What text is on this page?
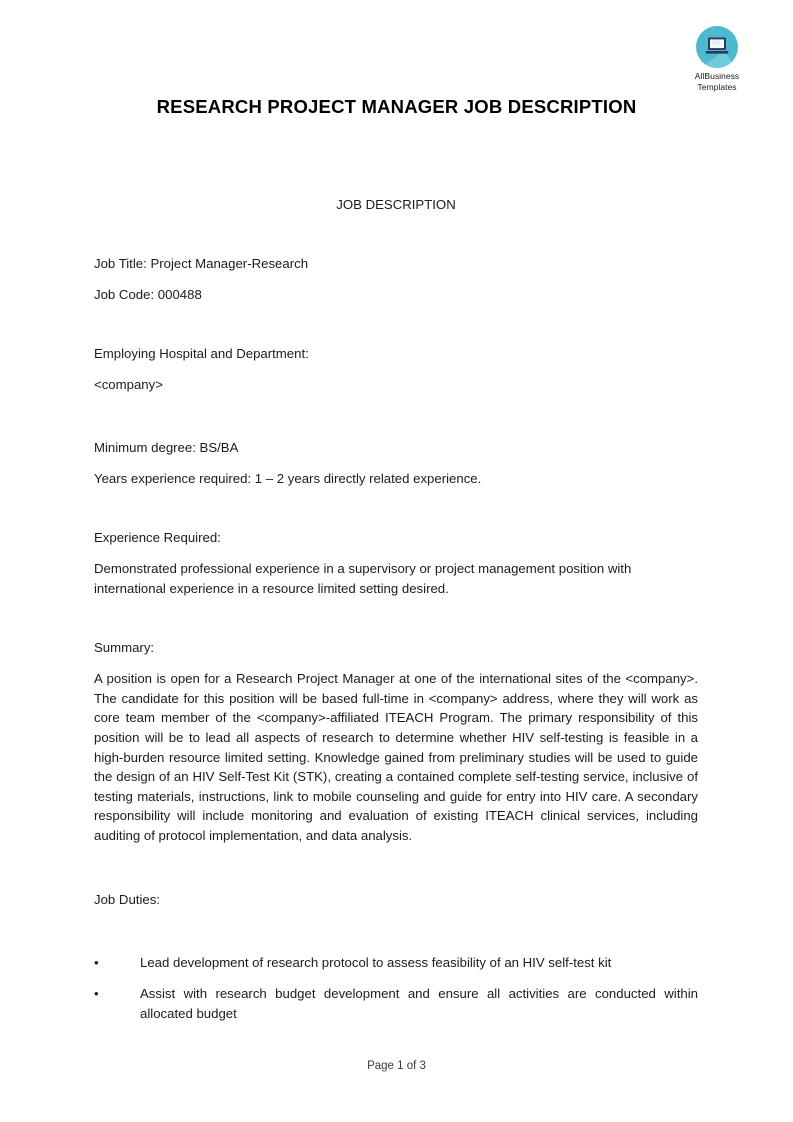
AllBusiness
Templates
RESEARCH PROJECT MANAGER JOB DESCRIPTION
JOB DESCRIPTION

Job Title: Project Manager-Research

Job Code: 000488

Employing Hospital and Department:

<company>

Minimum degree: BS/BA

Years experience required: 1 – 2 years directly related experience.

Experience Required:

Demonstrated professional experience in a supervisory or project management position with international experience in a resource limited setting desired.

Summary:

A position is open for a Research Project Manager at one of the international sites of the <company>. The candidate for this position will be based full-time in <company> address, where they will work as core team member of the <company>-affiliated ITEACH Program. The primary responsibility of this position will be to lead all aspects of research to determine whether HIV self-testing is feasible in a high-burden resource limited setting. Knowledge gained from preliminary studies will be used to guide the design of an HIV Self-Test Kit (STK), creating a contained complete self-testing service, inclusive of testing materials, instructions, link to mobile counseling and guide for entry into HIV care. A secondary responsibility will include monitoring and evaluation of existing ITEACH clinical services, including auditing of protocol implementation, and data analysis.

Job Duties:

•	Lead development of research protocol to assess feasibility of an HIV self-test kit
•	Assist with research budget development and ensure all activities are conducted within allocated budget
Page 1 of 3
